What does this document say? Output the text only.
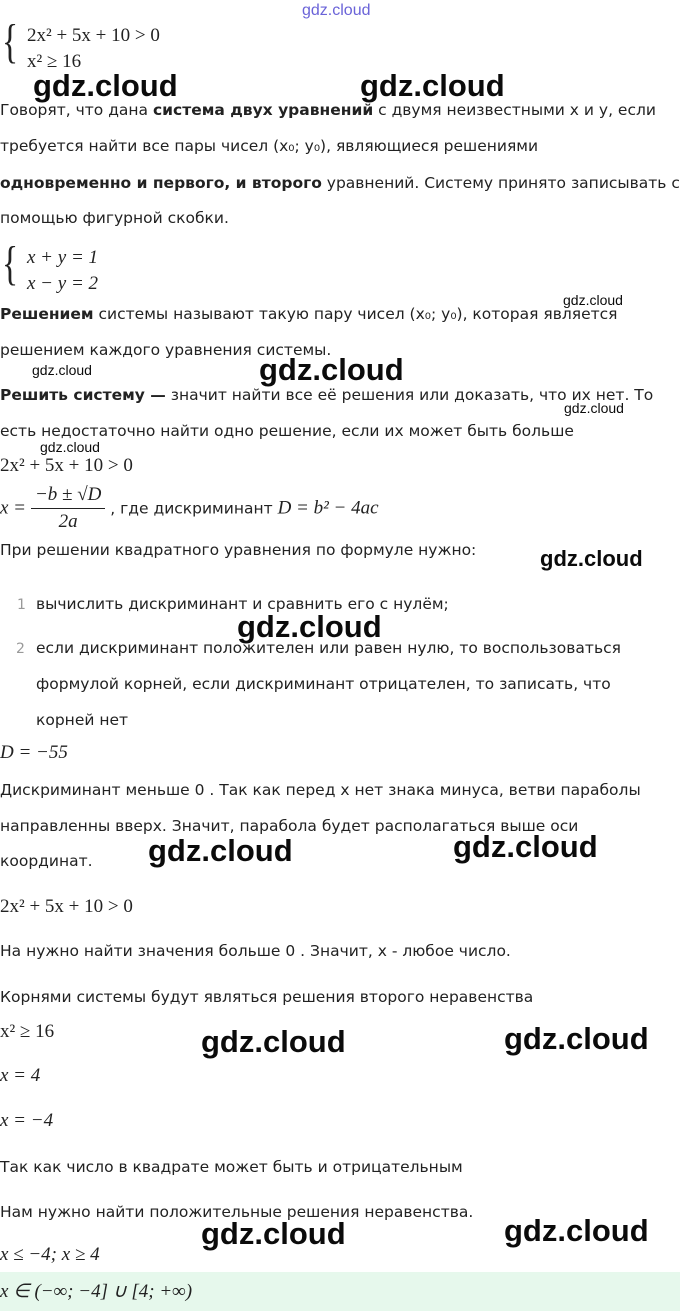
gdz.cloud
{ 2x² + 5x + 10 > 0
x² ≥ 16
gdz.cloud	gdz.cloud
Говорят, что дана система двух уравнений с двумя неизвестными x и y, если
требуется найти все пары чисел (x₀; y₀), являющиеся решениями
одновременно и первого, и второго уравнений. Систему принято записывать с
помощью фигурной скобки.
{ x + y = 1
x − y = 2
gdz.cloud
Решением системы называют такую пару чисел (x₀; y₀), которая является
решением каждого уравнения системы.
gdz.cloud	gdz.cloud
Решить систему — значит найти все её решения или доказать, что их нет. То
gdz.cloud
есть недостаточно найти одно решение, если их может быть больше
gdz.cloud
2x² + 5x + 10 > 0
$x = \frac{-b \pm √D}{2a}$ , где дискриминант D = b² − 4ac
При решении квадратного уравнения по формуле нужно:	gdz.cloud
1 вычислить дискриминант и сравнить его с нулём;
gdz.cloud
2 если дискриминант положителен или равен нулю, то воспользоваться
формулой корней, если дискриминант отрицателен, то записать, что
корней нет
D = −55
Дискриминант меньше 0 . Так как перед x нет знака минуса, ветви параболы
направленны вверх. Значит, парабола будет располагаться выше оси
координат. gdz.cloud	gdz.cloud
2x² + 5x + 10 > 0
На нужно найти значения больше 0 . Значит, x - любое число.
Корнями системы будут являться решения второго неравенства
x² ≥ 16	gdz.cloud	gdz.cloud
x = 4
x = −4
Так как число в квадрате может быть и отрицательным
Нам нужно найти положительные решения неравенства.
gdz.cloud	gdz.cloud
x ≤ −4; x ≥ 4
x ∈ (−∞; −4] ∪ [4; +∞)
